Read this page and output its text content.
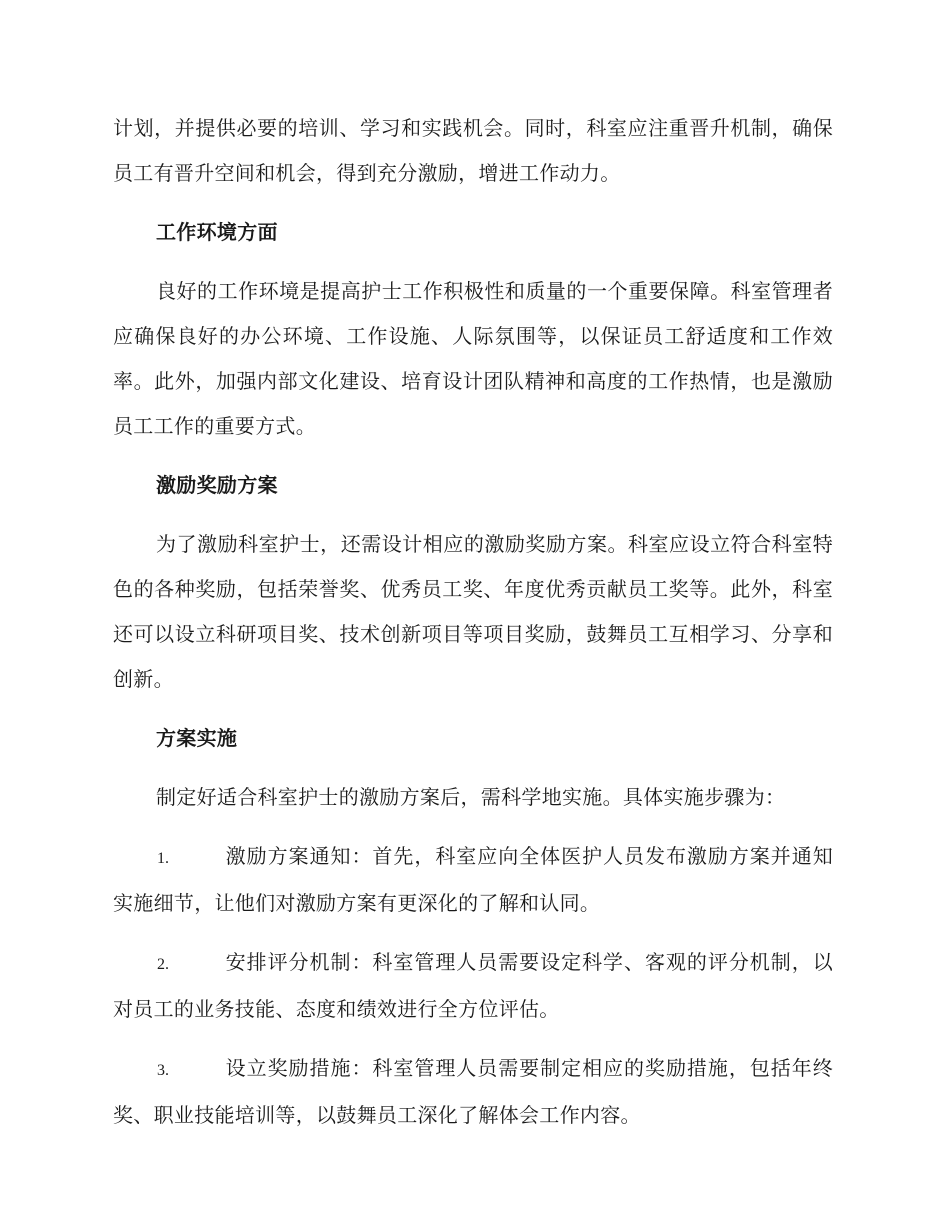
计划，并提供必要的培训、学习和实践机会。同时，科室应注重晋升机制，确保员工有晋升空间和机会，得到充分激励，增进工作动力。

工作环境方面

良好的工作环境是提高护士工作积极性和质量的一个重要保障。科室管理者应确保良好的办公环境、工作设施、人际氛围等，以保证员工舒适度和工作效率。此外，加强内部文化建设、培育设计团队精神和高度的工作热情，也是激励员工工作的重要方式。

激励奖励方案

为了激励科室护士，还需设计相应的激励奖励方案。科室应设立符合科室特色的各种奖励，包括荣誉奖、优秀员工奖、年度优秀贡献员工奖等。此外，科室还可以设立科研项目奖、技术创新项目等项目奖励，鼓舞员工互相学习、分享和创新。

方案实施

制定好适合科室护士的激励方案后，需科学地实施。具体实施步骤为：

1.	激励方案通知：首先，科室应向全体医护人员发布激励方案并通知实施细节，让他们对激励方案有更深化的了解和认同。
2.	安排评分机制：科室管理人员需要设定科学、客观的评分机制，以对员工的业务技能、态度和绩效进行全方位评估。
3.	设立奖励措施：科室管理人员需要制定相应的奖励措施，包括年终奖、职业技能培训等，以鼓舞员工深化了解体会工作内容。
